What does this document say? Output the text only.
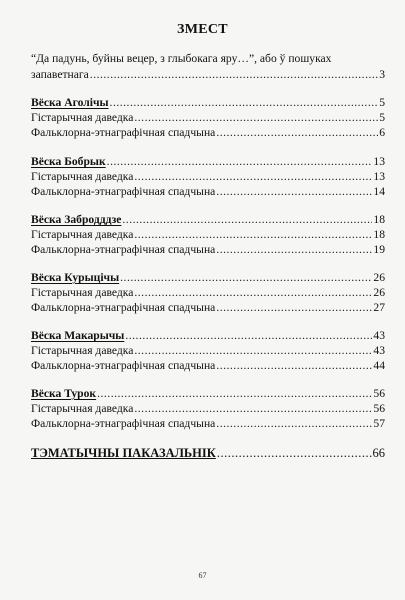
ЗМЕСТ
“Да падунь, буйны вецер, з глыбокага яру…”, або ў пошуках
запаветнага .....	3
Вёска Аголічы .....	5
Гістарычная даведка .....	5
Фальклорна-этнаграфічная спадчына .....	6
Вёска Бобрык .....	13
Гістарычная даведка .....	13
Фальклорна-этнаграфічная спадчына .....	14
Вёска Забродддзе .....	18
Гістарычная даведка .....	18
Фальклорна-этнаграфічная спадчына .....	19
Вёска Курыцічы .....	26
Гістарычная даведка .....	26
Фальклорна-этнаграфічная спадчына .....	27
Вёска Макарычы .....	43
Гістарычная даведка .....	43
Фальклорна-этнаграфічная спадчына .....	44
Вёска Турок .....	56
Гістарычная даведка .....	56
Фальклорна-этнаграфічная спадчына .....	57
ТЭМАТЫЧНЫ ПАКАЗАЛЬНІК .....	66
67
